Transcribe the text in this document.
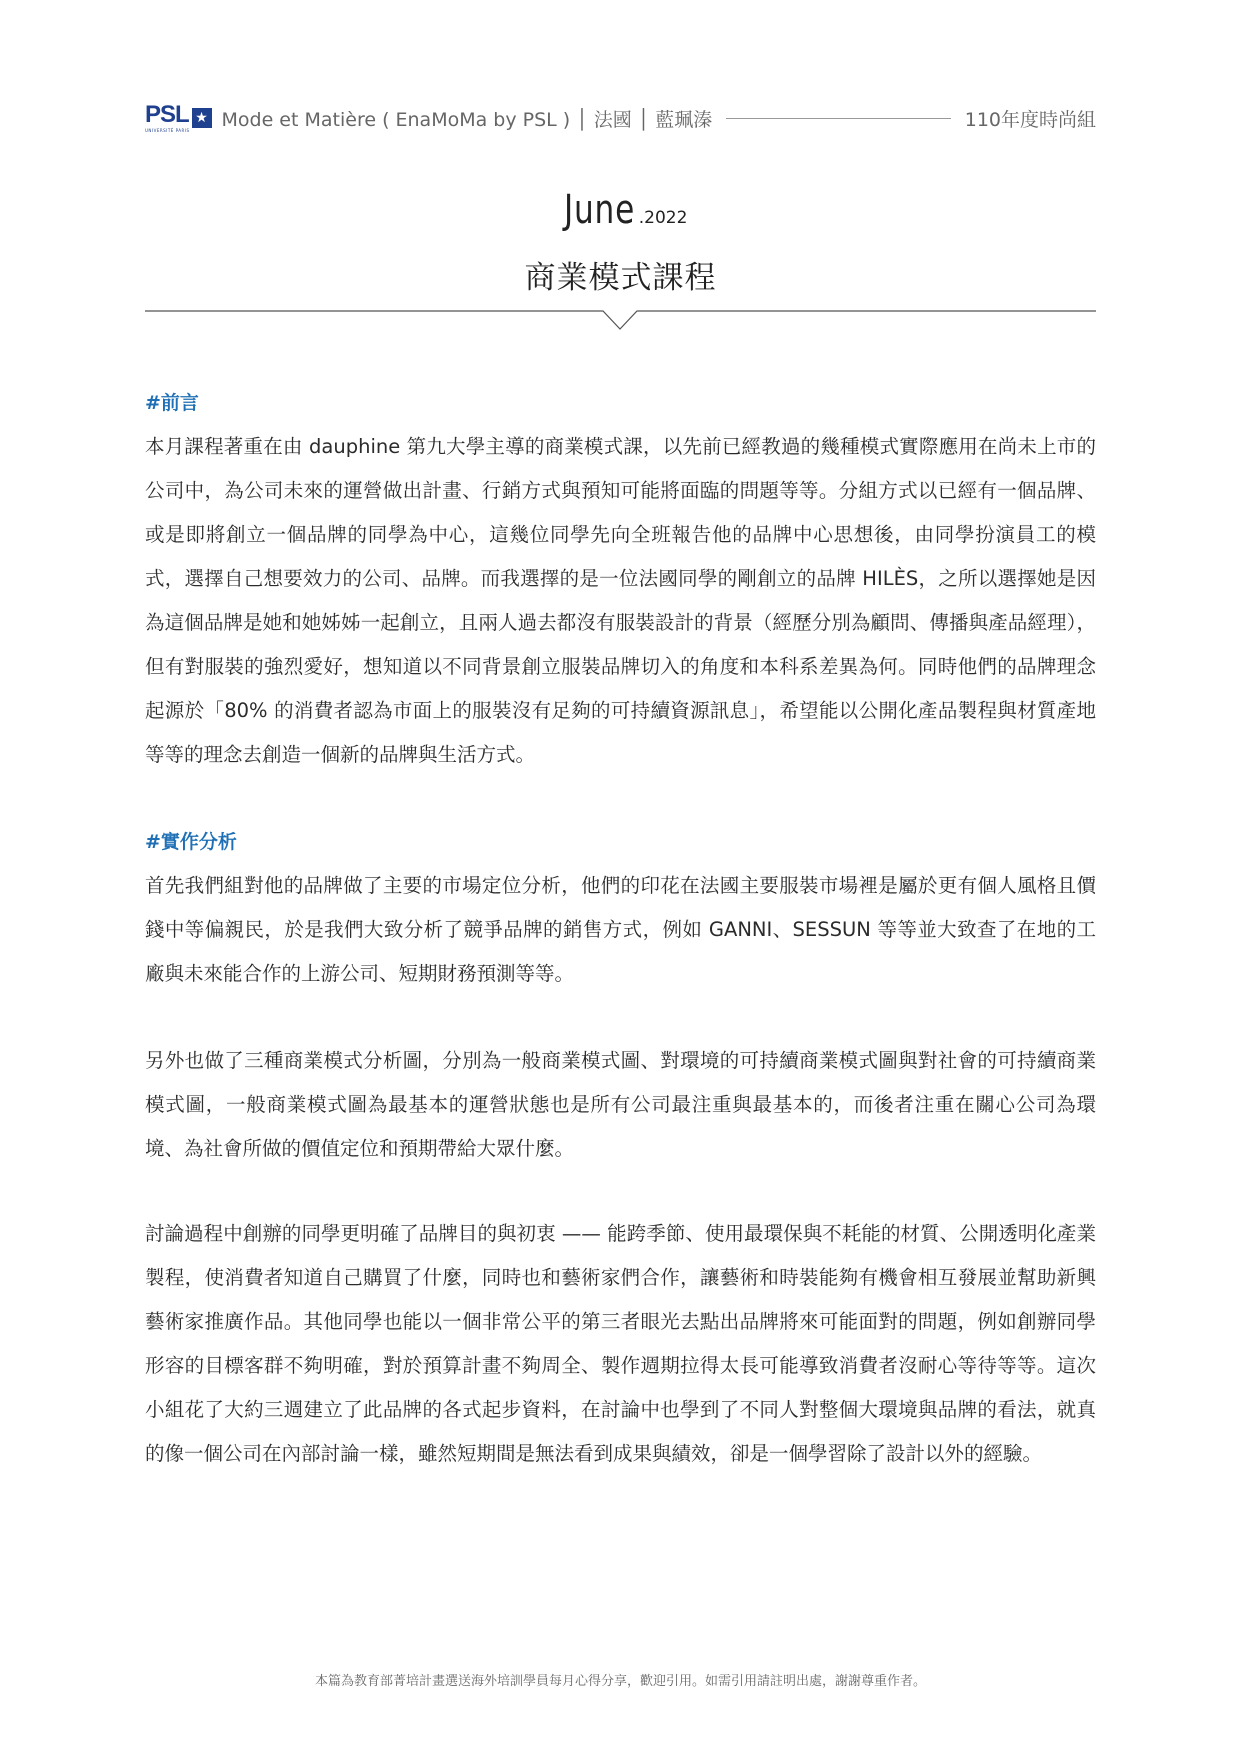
PSL
UNIVERSITÉ PARIS
★ Mode et Matière ( EnaMoMa by PSL ) │ 法國 │ 藍珮溱	110年度時尚組
June .2022
商業模式課程
#前言
本月課程著重在由 dauphine 第九大學主導的商業模式課，以先前已經教過的幾種模式實際應用在尚未上市的公司中，為公司未來的運營做出計畫、行銷方式與預知可能將面臨的問題等等。分組方式以已經有一個品牌、或是即將創立一個品牌的同學為中心，這幾位同學先向全班報告他的品牌中心思想後，由同學扮演員工的模式，選擇自己想要效力的公司、品牌。而我選擇的是一位法國同學的剛創立的品牌 HILÈS，之所以選擇她是因為這個品牌是她和她姊姊一起創立，且兩人過去都沒有服裝設計的背景（經歷分別為顧問、傳播與產品經理），但有對服裝的強烈愛好，想知道以不同背景創立服裝品牌切入的角度和本科系差異為何。同時他們的品牌理念起源於「80% 的消費者認為市面上的服裝沒有足夠的可持續資源訊息」，希望能以公開化產品製程與材質產地等等的理念去創造一個新的品牌與生活方式。
#實作分析
首先我們組對他的品牌做了主要的市場定位分析，他們的印花在法國主要服裝市場裡是屬於更有個人風格且價錢中等偏親民，於是我們大致分析了競爭品牌的銷售方式，例如 GANNI、SESSUN 等等並大致查了在地的工廠與未來能合作的上游公司、短期財務預測等等。
另外也做了三種商業模式分析圖，分別為一般商業模式圖、對環境的可持續商業模式圖與對社會的可持續商業模式圖，一般商業模式圖為最基本的運營狀態也是所有公司最注重與最基本的，而後者注重在關心公司為環境、為社會所做的價值定位和預期帶給大眾什麼。
討論過程中創辦的同學更明確了品牌目的與初衷 —— 能跨季節、使用最環保與不耗能的材質、公開透明化產業製程，使消費者知道自己購買了什麼，同時也和藝術家們合作，讓藝術和時裝能夠有機會相互發展並幫助新興藝術家推廣作品。其他同學也能以一個非常公平的第三者眼光去點出品牌將來可能面對的問題，例如創辦同學形容的目標客群不夠明確，對於預算計畫不夠周全、製作週期拉得太長可能導致消費者沒耐心等待等等。這次小組花了大約三週建立了此品牌的各式起步資料，在討論中也學到了不同人對整個大環境與品牌的看法，就真的像一個公司在內部討論一樣，雖然短期間是無法看到成果與績效，卻是一個學習除了設計以外的經驗。
本篇為教育部菁培計畫選送海外培訓學員每月心得分享，歡迎引用。如需引用請註明出處，謝謝尊重作者。
